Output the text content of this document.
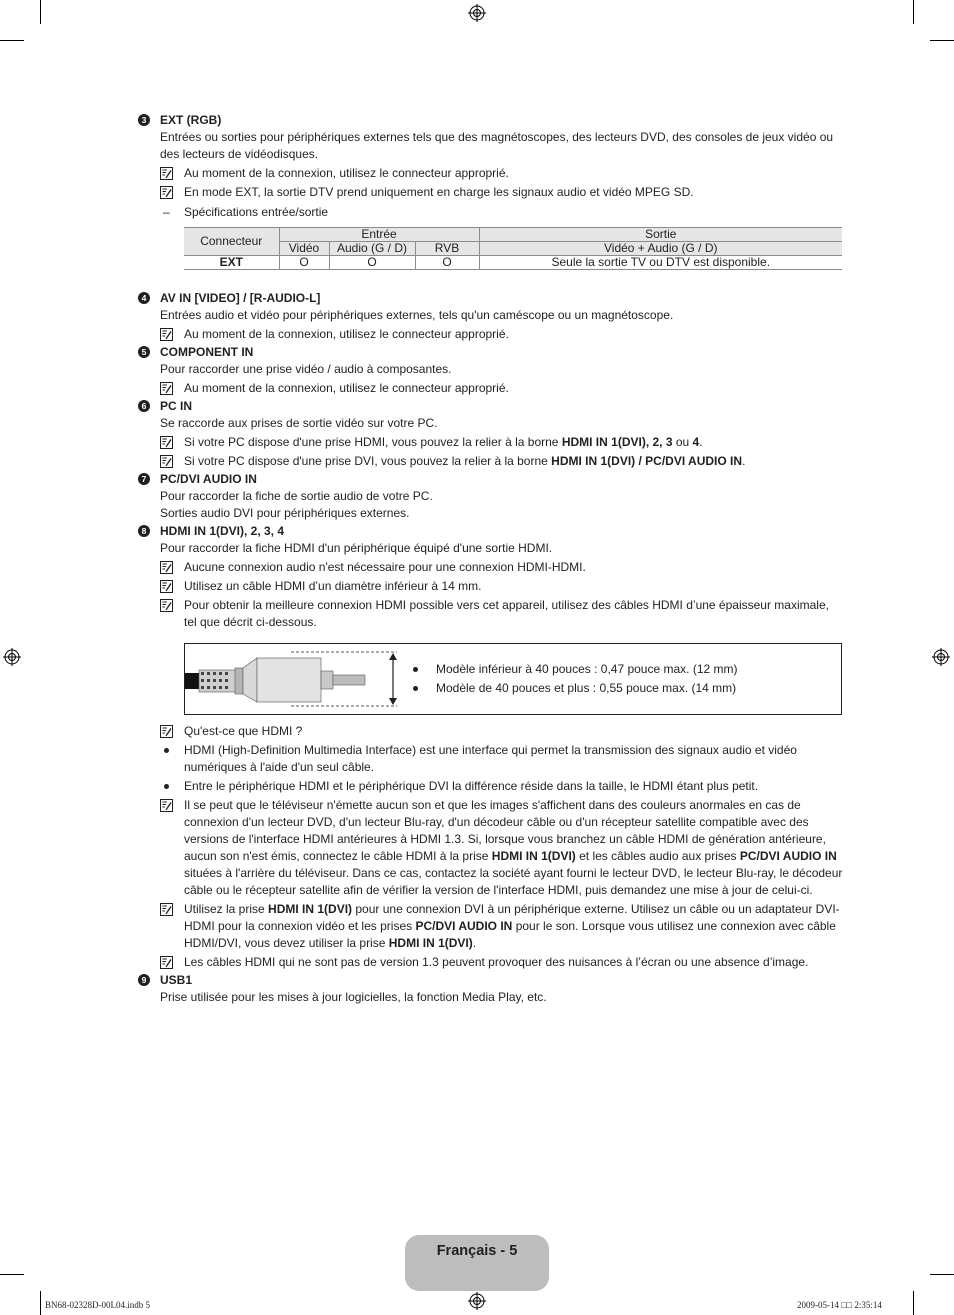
3	EXT (RGB)
Entrées ou sorties pour périphériques externes tels que des magnétoscopes, des lecteurs DVD, des consoles de jeux vidéo ou des lecteurs de vidéodisques.
Au moment de la connexion, utilisez le connecteur approprié.
En mode EXT, la sortie DTV prend uniquement en charge les signaux audio et vidéo MPEG SD.
– Spécifications entrée/sortie
Connecteur	Entrée			Sortie
	Vidéo	Audio (G / D)	RVB	Vidéo + Audio (G / D)
EXT	O	O	O	Seule la sortie TV ou DTV est disponible.
4	AV IN [VIDEO] / [R-AUDIO-L]
Entrées audio et vidéo pour périphériques externes, tels qu'un caméscope ou un magnétoscope.
Au moment de la connexion, utilisez le connecteur approprié.
5	COMPONENT IN
Pour raccorder une prise vidéo / audio à composantes.
Au moment de la connexion, utilisez le connecteur approprié.
6	PC IN
Se raccorde aux prises de sortie vidéo sur votre PC.
Si votre PC dispose d'une prise HDMI, vous pouvez la relier à la borne HDMI IN 1(DVI), 2, 3 ou 4.
Si votre PC dispose d'une prise DVI, vous pouvez la relier à la borne HDMI IN 1(DVI) / PC/DVI AUDIO IN.
7	PC/DVI AUDIO IN
Pour raccorder la fiche de sortie audio de votre PC.
Sorties audio DVI pour périphériques externes.
8	HDMI IN 1(DVI), 2, 3, 4
Pour raccorder la fiche HDMI d'un périphérique équipé d'une sortie HDMI.
Aucune connexion audio n'est nécessaire pour une connexion HDMI-HDMI.
Utilisez un câble HDMI d’un diamètre inférieur à 14 mm.
Pour obtenir la meilleure connexion HDMI possible vers cet appareil, utilisez des câbles HDMI d’une épaisseur maximale, tel que décrit ci-dessous.
Modèle inférieur à 40 pouces : 0,47 pouce max. (12 mm)
Modèle de 40 pouces et plus : 0,55 pouce max. (14 mm)
Qu'est-ce que HDMI ?
HDMI (High-Definition Multimedia Interface) est une interface qui permet la transmission des signaux audio et vidéo numériques à l'aide d'un seul câble.
Entre le périphérique HDMI et le périphérique DVI la différence réside dans la taille, le HDMI étant plus petit.
Il se peut que le téléviseur n'émette aucun son et que les images s'affichent dans des couleurs anormales en cas de connexion d'un lecteur DVD, d'un lecteur Blu-ray, d'un décodeur câble ou d'un récepteur satellite compatible avec des versions de l'interface HDMI antérieures à HDMI 1.3. Si, lorsque vous branchez un câble HDMI de génération antérieure, aucun son n'est émis, connectez le câble HDMI à la prise HDMI IN 1(DVI) et les câbles audio aux prises PC/DVI AUDIO IN situées à l'arrière du téléviseur. Dans ce cas, contactez la société ayant fourni le lecteur DVD, le lecteur Blu-ray, le décodeur câble ou le récepteur satellite afin de vérifier la version de l'interface HDMI, puis demandez une mise à jour de celui-ci.
Utilisez la prise HDMI IN 1(DVI) pour une connexion DVI à un périphérique externe. Utilisez un câble ou un adaptateur DVI-HDMI pour la connexion vidéo et les prises PC/DVI AUDIO IN pour le son. Lorsque vous utilisez une connexion avec câble HDMI/DVI, vous devez utiliser la prise HDMI IN 1(DVI).
Les câbles HDMI qui ne sont pas de version 1.3 peuvent provoquer des nuisances à l’écran ou une absence d’image.
9	USB1
Prise utilisée pour les mises à jour logicielles, la fonction Media Play, etc.
Français - 5
BN68-02328D-00L04.indb 5	2009-05-14 □□ 2:35:14
